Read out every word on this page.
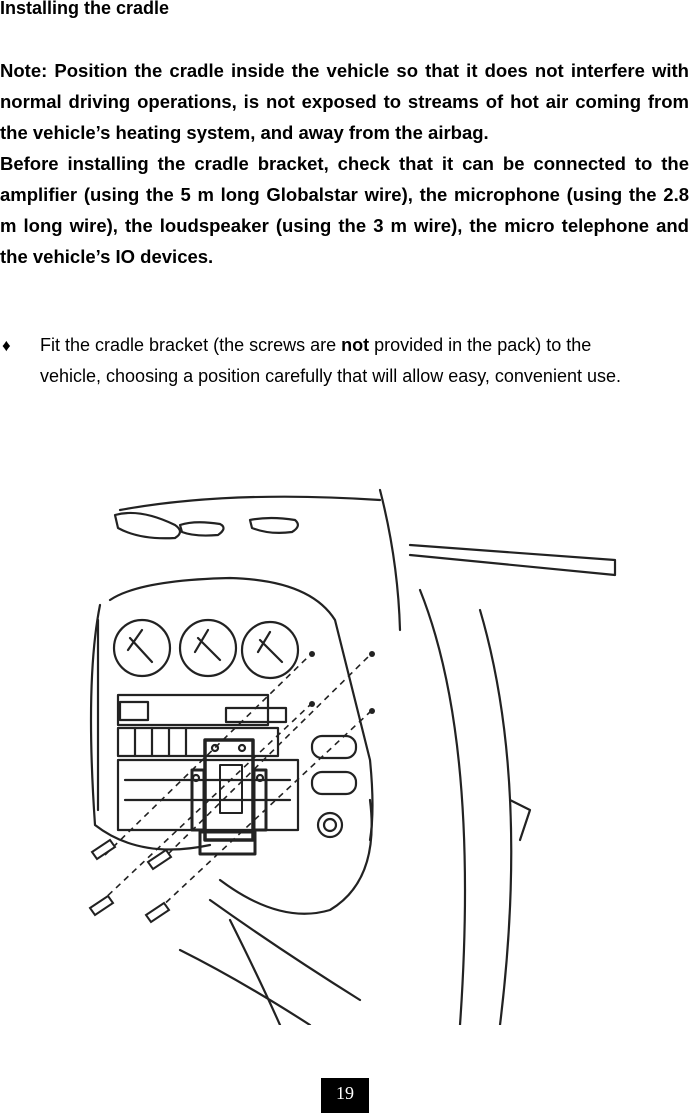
Installing the cradle

Note: Position the cradle inside the vehicle so that it does not interfere with normal driving operations, is not exposed to streams of hot air coming from the vehicle’s heating system, and away from the airbag.

Before installing the cradle bracket, check that it can be connected to the amplifier (using the 5 m long Globalstar wire), the microphone (using the 2.8 m long wire), the loudspeaker (using the 3 m wire), the micro telephone and the vehicle’s IO devices.

♦ Fit the cradle bracket (the screws are not provided in the pack) to the
vehicle, choosing a position carefully that will allow easy, convenient use.
19
